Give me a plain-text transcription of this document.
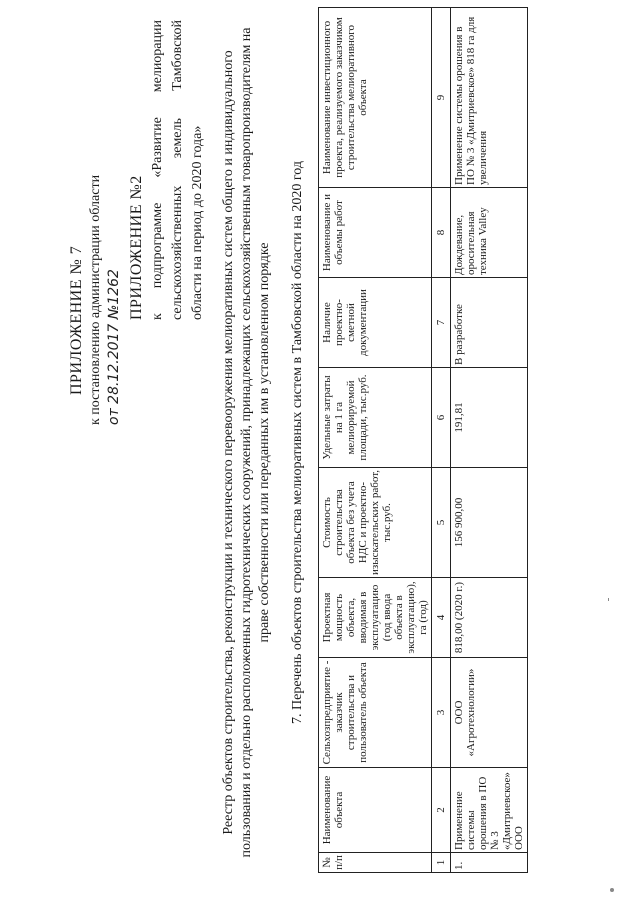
ПРИЛОЖЕНИЕ № 7 к постановлению администрации области от 28.12.2017 №1262
ПРИЛОЖЕНИЕ №2 к подпрограмме «Развитие мелиорации сельскохозяйственных земель Тамбовской области на период до 2020 года» Реестр объектов строительства, реконструкции и технического перевооружения мелиоративных систем общего и индивидуального пользования и отдельно расположенных гидротехнических сооружений, принадлежащих сельскохозяйственным товаропроизводителям на праве собственности или переданных им в установленном порядке 7. Перечень объектов строительства мелиоративных систем в Тамбовской области на 2020 год
№ п/п	Наименование объекта	Сельхозпредприятие - заказчик строительства и пользователь объекта	Проектная мощность объекта, вводимая в эксплуатацию (год ввода объекта в эксплуатацию), га (год)	Стоимость строительства объекта без учета НДС и проектно-изыскательских работ, тыс.руб.	Удельные затраты на 1 га мелиорируемой площади, тыс.руб.	Наличие проектно-сметной документации	Наименование и объемы работ	Наименование инвестиционного проекта, реализуемого заказчиком строительства мелиоративного объекта
1	2	3	4	5	6	7	8	9
1.	Применение системы орошения в ПО № 3 «Дмитриевское» ООО	ООО «Агротехнологии»	818,00 (2020 г.)	156 900,00	191,81	В разработке	Дождевание, оросительная техника Valley	Применение системы орошения в ПО № 3 «Дмитриевское» 818 га для увеличения
